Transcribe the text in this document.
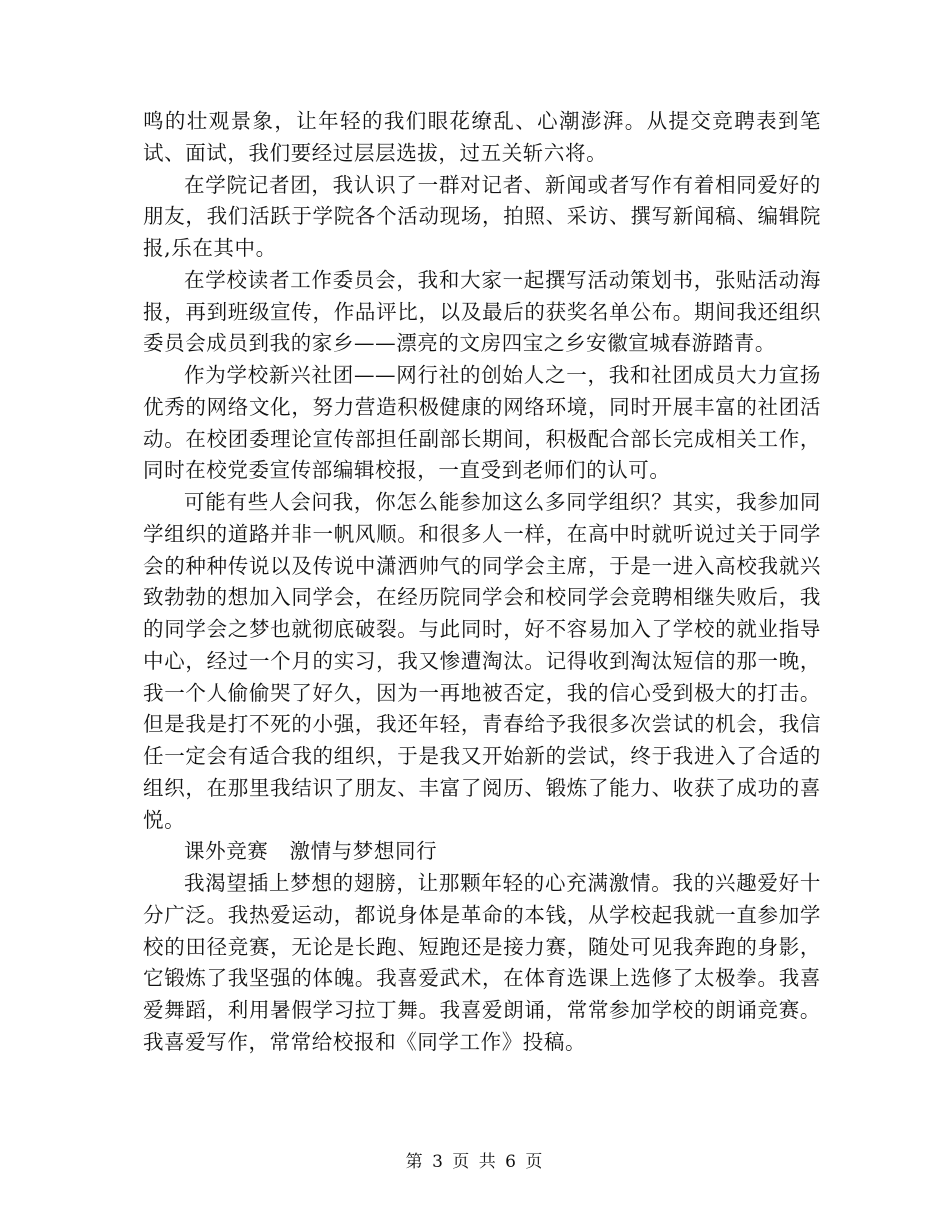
鸣的壮观景象，让年轻的我们眼花缭乱、心潮澎湃。从提交竞聘表到笔试、面试，我们要经过层层选拔，过五关斩六将。

在学院记者团，我认识了一群对记者、新闻或者写作有着相同爱好的朋友，我们活跃于学院各个活动现场，拍照、采访、撰写新闻稿、编辑院报,乐在其中。

在学校读者工作委员会，我和大家一起撰写活动策划书，张贴活动海报，再到班级宣传，作品评比，以及最后的获奖名单公布。期间我还组织委员会成员到我的家乡——漂亮的文房四宝之乡安徽宣城春游踏青。

作为学校新兴社团——网行社的创始人之一，我和社团成员大力宣扬优秀的网络文化，努力营造积极健康的网络环境，同时开展丰富的社团活动。在校团委理论宣传部担任副部长期间，积极配合部长完成相关工作，同时在校党委宣传部编辑校报，一直受到老师们的认可。

可能有些人会问我，你怎么能参加这么多同学组织？其实，我参加同学组织的道路并非一帆风顺。和很多人一样，在高中时就听说过关于同学会的种种传说以及传说中潇洒帅气的同学会主席，于是一进入高校我就兴致勃勃的想加入同学会，在经历院同学会和校同学会竞聘相继失败后，我的同学会之梦也就彻底破裂。与此同时，好不容易加入了学校的就业指导中心，经过一个月的实习，我又惨遭淘汰。记得收到淘汰短信的那一晚，我一个人偷偷哭了好久，因为一再地被否定，我的信心受到极大的打击。但是我是打不死的小强，我还年轻，青春给予我很多次尝试的机会，我信任一定会有适合我的组织，于是我又开始新的尝试，终于我进入了合适的组织，在那里我结识了朋友、丰富了阅历、锻炼了能力、收获了成功的喜悦。

课外竞赛　激情与梦想同行

我渴望插上梦想的翅膀，让那颗年轻的心充满激情。我的兴趣爱好十分广泛。我热爱运动，都说身体是革命的本钱，从学校起我就一直参加学校的田径竞赛，无论是长跑、短跑还是接力赛，随处可见我奔跑的身影，它锻炼了我坚强的体魄。我喜爱武术，在体育选课上选修了太极拳。我喜爱舞蹈，利用暑假学习拉丁舞。我喜爱朗诵，常常参加学校的朗诵竞赛。我喜爱写作，常常给校报和《同学工作》投稿。

第 3 页 共 6 页
